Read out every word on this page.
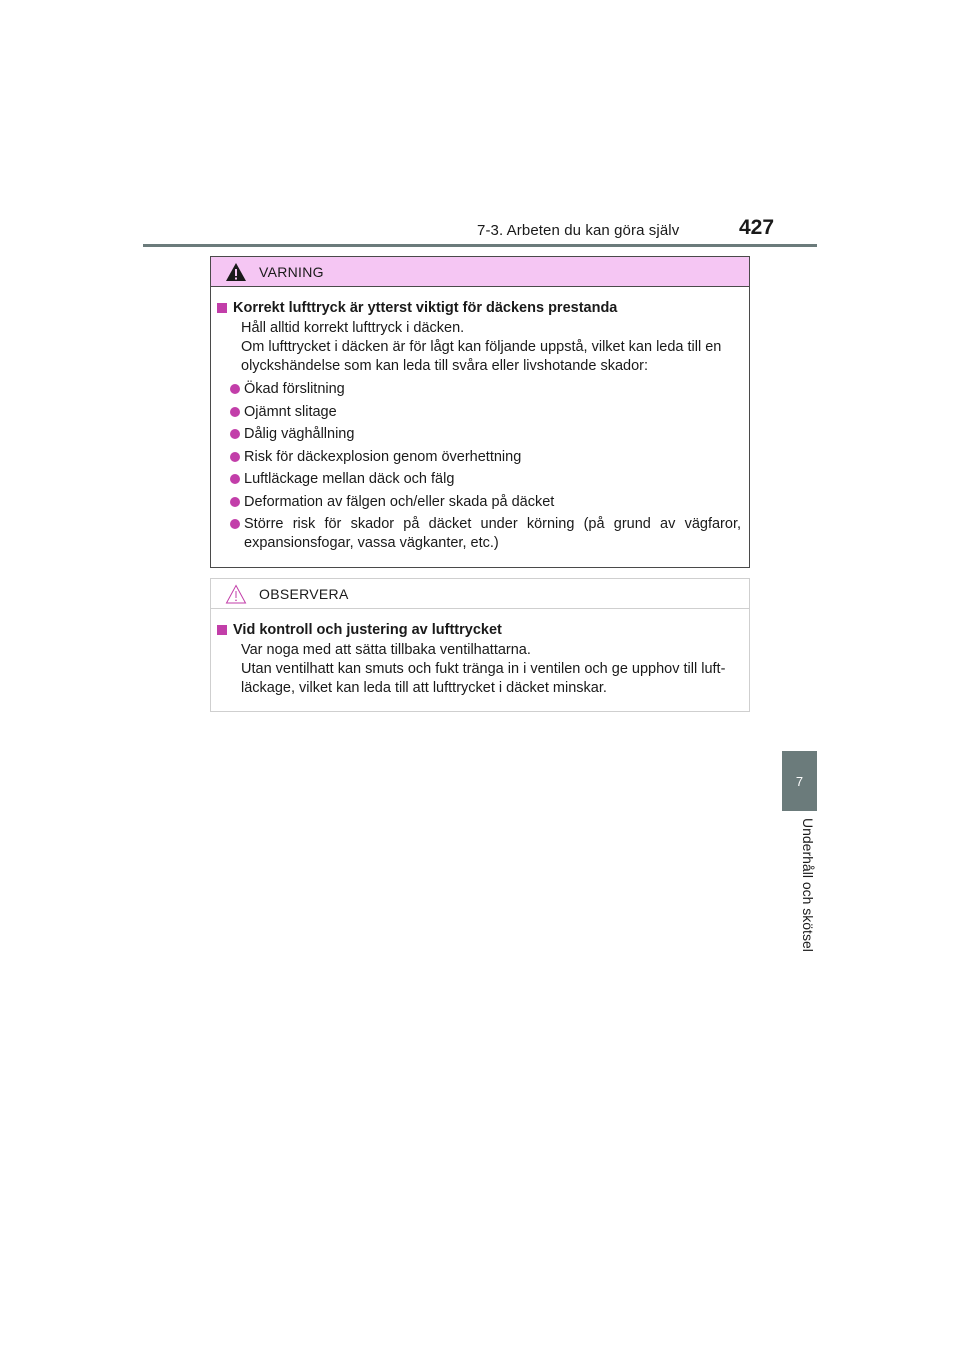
7-3. Arbeten du kan göra själv	427
7
Underhåll och skötsel
VARNING
Korrekt lufttryck är ytterst viktigt för däckens prestanda
Håll alltid korrekt lufttryck i däcken.
Om lufttrycket i däcken är för lågt kan följande uppstå, vilket kan leda till en olyckshändelse som kan leda till svåra eller livshotande skador:
Ökad förslitning
Ojämnt slitage
Dålig väghållning
Risk för däckexplosion genom överhettning
Luftläckage mellan däck och fälg
Deformation av fälgen och/eller skada på däcket
Större risk för skador på däcket under körning (på grund av vägfaror, expansionsfogar, vassa vägkanter, etc.)
OBSERVERA
Vid kontroll och justering av lufttrycket
Var noga med att sätta tillbaka ventilhattarna.
Utan ventilhatt kan smuts och fukt tränga in i ventilen och ge upphov till luft-läckage, vilket kan leda till att lufttrycket i däcket minskar.
